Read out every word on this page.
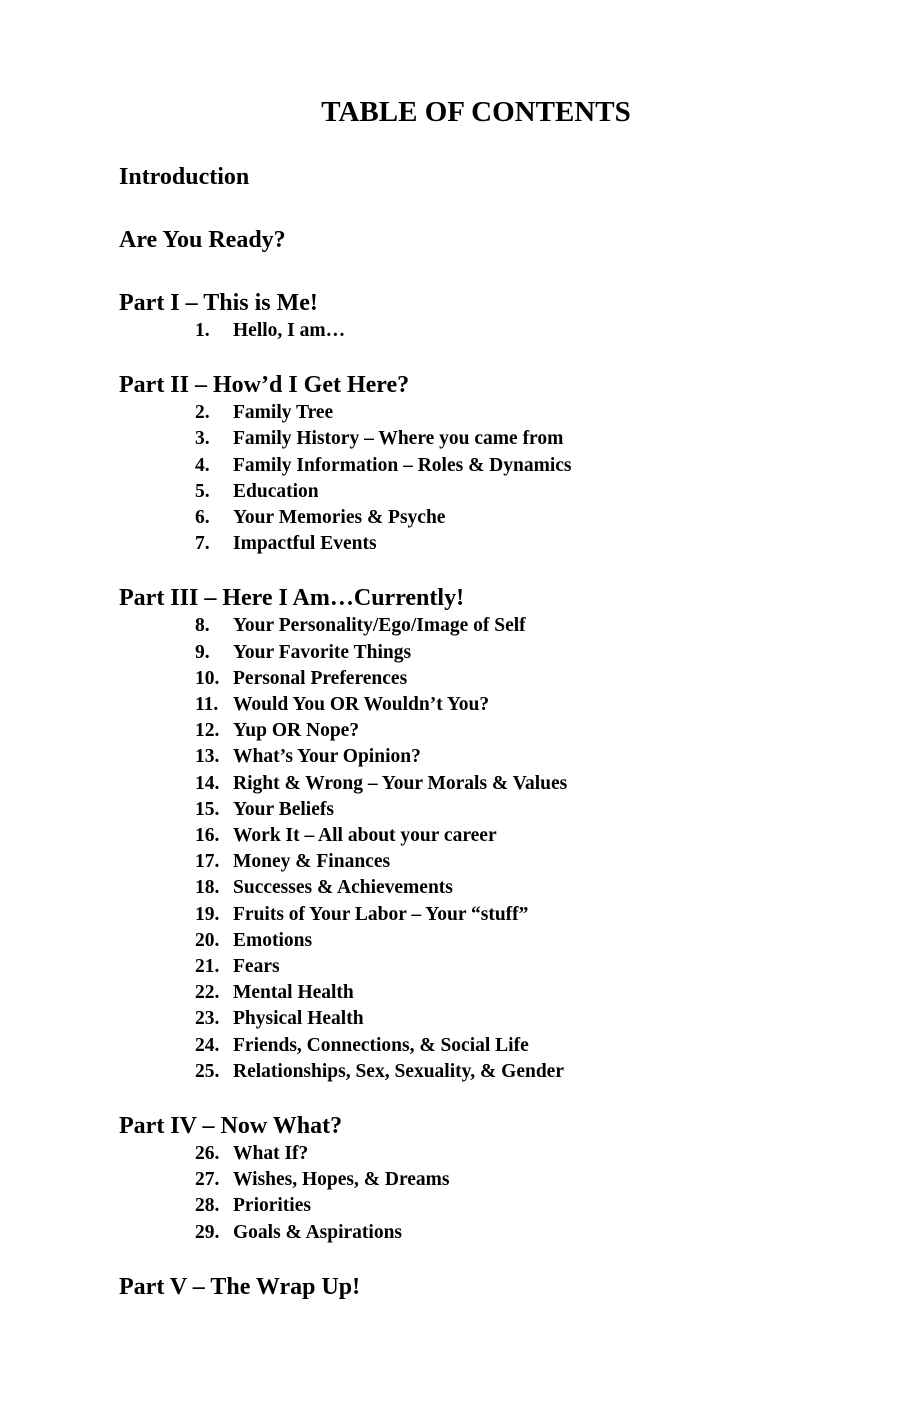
TABLE OF CONTENTS
Introduction
Are You Ready?
Part I – This is Me!
1. Hello, I am…
Part II – How’d I Get Here?
2. Family Tree
3. Family History – Where you came from
4. Family Information – Roles & Dynamics
5. Education
6. Your Memories & Psyche
7. Impactful Events
Part III – Here I Am…Currently!
8. Your Personality/Ego/Image of Self
9. Your Favorite Things
10. Personal Preferences
11. Would You OR Wouldn’t You?
12. Yup OR Nope?
13. What’s Your Opinion?
14. Right & Wrong – Your Morals & Values
15. Your Beliefs
16. Work It – All about your career
17. Money & Finances
18. Successes & Achievements
19. Fruits of Your Labor – Your “stuff”
20. Emotions
21. Fears
22. Mental Health
23. Physical Health
24. Friends, Connections, & Social Life
25. Relationships, Sex, Sexuality, & Gender
Part IV – Now What?
26. What If?
27. Wishes, Hopes, & Dreams
28. Priorities
29. Goals & Aspirations
Part V – The Wrap Up!
